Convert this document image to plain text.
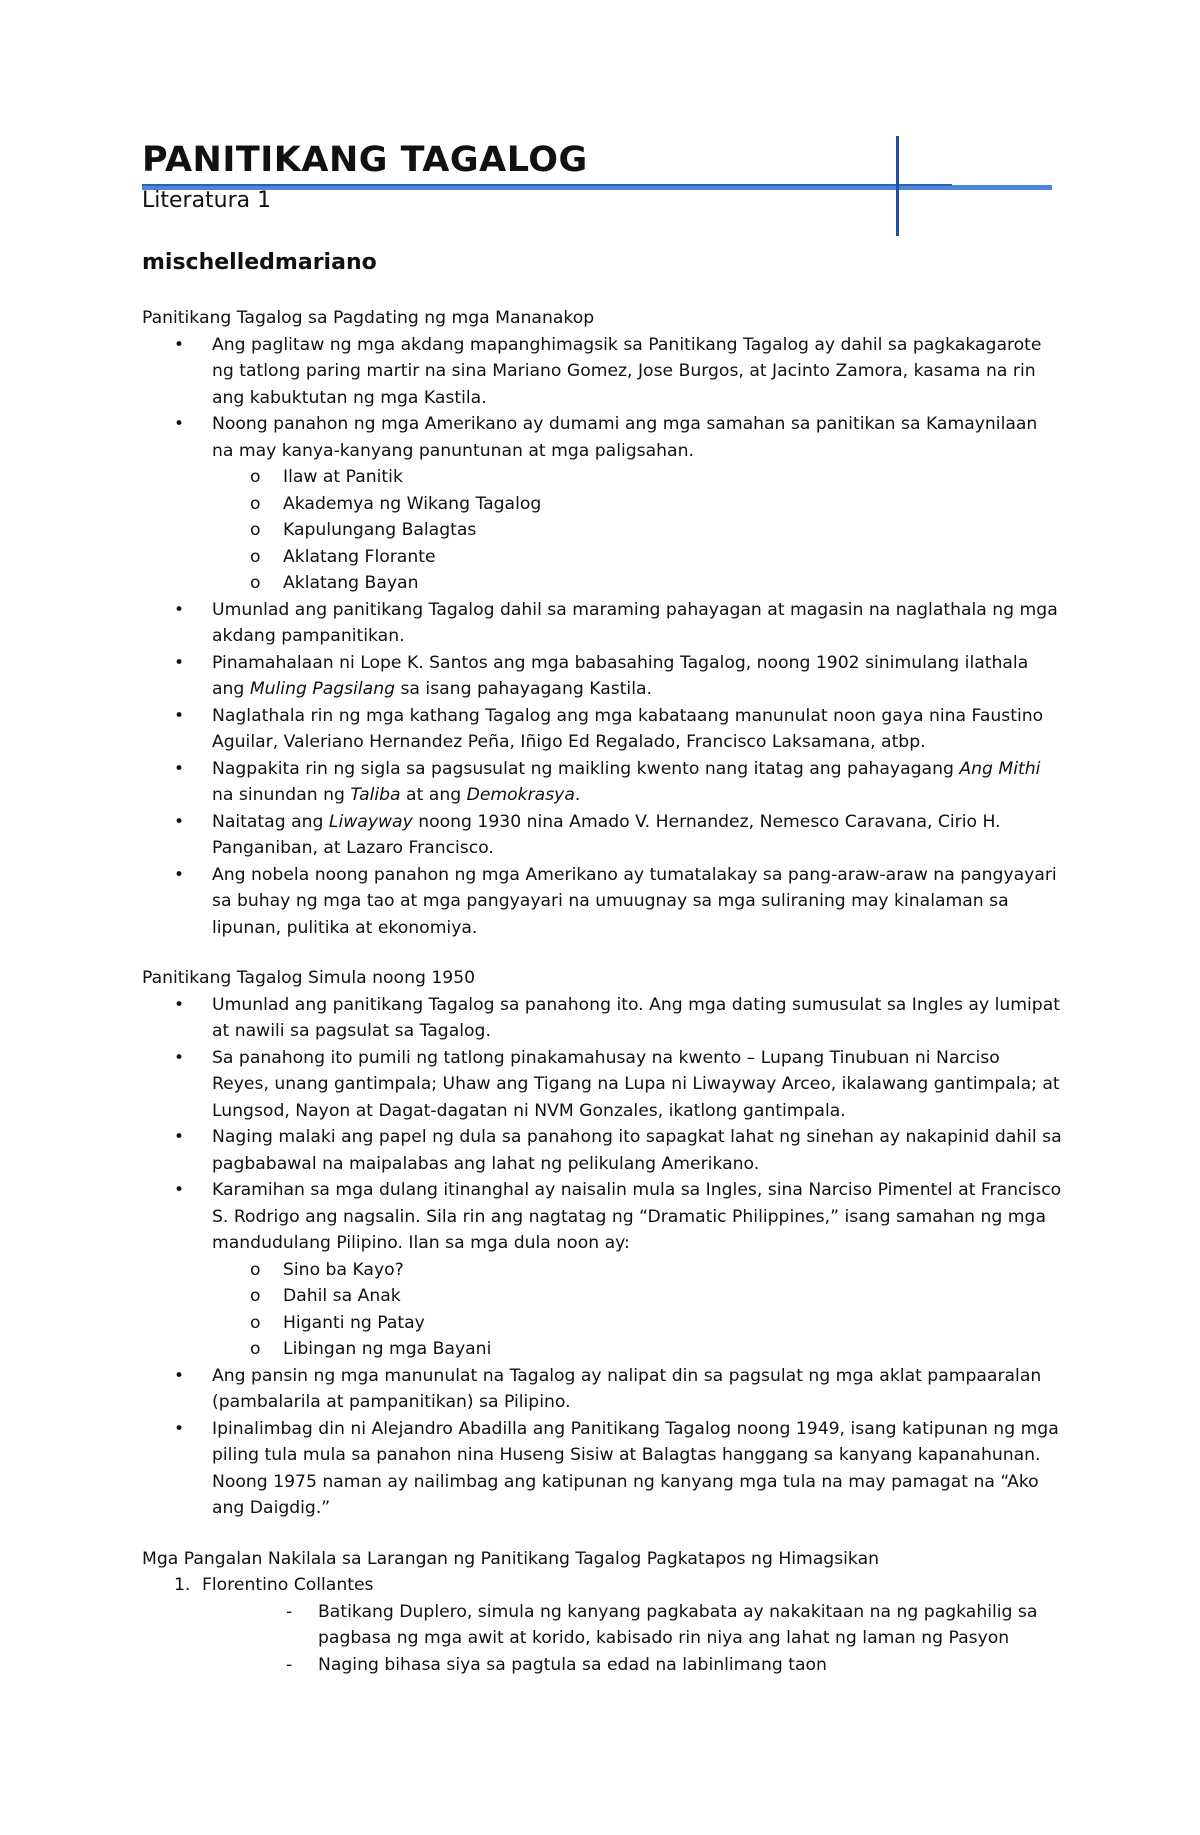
PANITIKANG TAGALOG
Literatura 1
mischelledmariano

Panitikang Tagalog sa Pagdating ng mga Mananakop

• Ang paglitaw ng mga akdang mapanghimagsik sa Panitikang Tagalog ay dahil sa pagkakagarote ng tatlong paring martir na sina Mariano Gomez, Jose Burgos, at Jacinto Zamora, kasama na rin ang kabuktutan ng mga Kastila.
• Noong panahon ng mga Amerikano ay dumami ang mga samahan sa panitikan sa Kamaynilaan na may kanya-kanyang panuntunan at mga paligsahan.
o Ilaw at Panitik
o Akademya ng Wikang Tagalog
o Kapulungang Balagtas
o Aklatang Florante
o Aklatang Bayan
• Umunlad ang panitikang Tagalog dahil sa maraming pahayagan at magasin na naglathala ng mga akdang pampanitikan.
• Pinamahalaan ni Lope K. Santos ang mga babasahing Tagalog, noong 1902 sinimulang ilathala ang Muling Pagsilang sa isang pahayagang Kastila.
• Naglathala rin ng mga kathang Tagalog ang mga kabataang manunulat noon gaya nina Faustino Aguilar, Valeriano Hernandez Peña, Iñigo Ed Regalado, Francisco Laksamana, atbp.
• Nagpakita rin ng sigla sa pagsusulat ng maikling kwento nang itatag ang pahayagang Ang Mithi na sinundan ng Taliba at ang Demokrasya.
• Naitatag ang Liwayway noong 1930 nina Amado V. Hernandez, Nemesco Caravana, Cirio H. Panganiban, at Lazaro Francisco.
• Ang nobela noong panahon ng mga Amerikano ay tumatalakay sa pang-araw-araw na pangyayari sa buhay ng mga tao at mga pangyayari na umuugnay sa mga suliraning may kinalaman sa lipunan, pulitika at ekonomiya.

Panitikang Tagalog Simula noong 1950

• Umunlad ang panitikang Tagalog sa panahong ito. Ang mga dating sumusulat sa Ingles ay lumipat at nawili sa pagsulat sa Tagalog.
• Sa panahong ito pumili ng tatlong pinakamahusay na kwento – Lupang Tinubuan ni Narciso Reyes, unang gantimpala; Uhaw ang Tigang na Lupa ni Liwayway Arceo, ikalawang gantimpala; at Lungsod, Nayon at Dagat-dagatan ni NVM Gonzales, ikatlong gantimpala.
• Naging malaki ang papel ng dula sa panahong ito sapagkat lahat ng sinehan ay nakapinid dahil sa pagbabawal na maipalabas ang lahat ng pelikulang Amerikano.
• Karamihan sa mga dulang itinanghal ay naisalin mula sa Ingles, sina Narciso Pimentel at Francisco S. Rodrigo ang nagsalin. Sila rin ang nagtatag ng “Dramatic Philippines,” isang samahan ng mga mandudulang Pilipino. Ilan sa mga dula noon ay:
o Sino ba Kayo?
o Dahil sa Anak
o Higanti ng Patay
o Libingan ng mga Bayani
• Ang pansin ng mga manunulat na Tagalog ay nalipat din sa pagsulat ng mga aklat pampaaralan (pambalarila at pampanitikan) sa Pilipino.
• Ipinalimbag din ni Alejandro Abadilla ang Panitikang Tagalog noong 1949, isang katipunan ng mga piling tula mula sa panahon nina Huseng Sisiw at Balagtas hanggang sa kanyang kapanahunan. Noong 1975 naman ay nailimbag ang katipunan ng kanyang mga tula na may pamagat na “Ako ang Daigdig.”

Mga Pangalan Nakilala sa Larangan ng Panitikang Tagalog Pagkatapos ng Himagsikan

1. Florentino Collantes
- Batikang Duplero, simula ng kanyang pagkabata ay nakakitaan na ng pagkahilig sa pagbasa ng mga awit at korido, kabisado rin niya ang lahat ng laman ng Pasyon
- Naging bihasa siya sa pagtula sa edad na labinlimang taon
